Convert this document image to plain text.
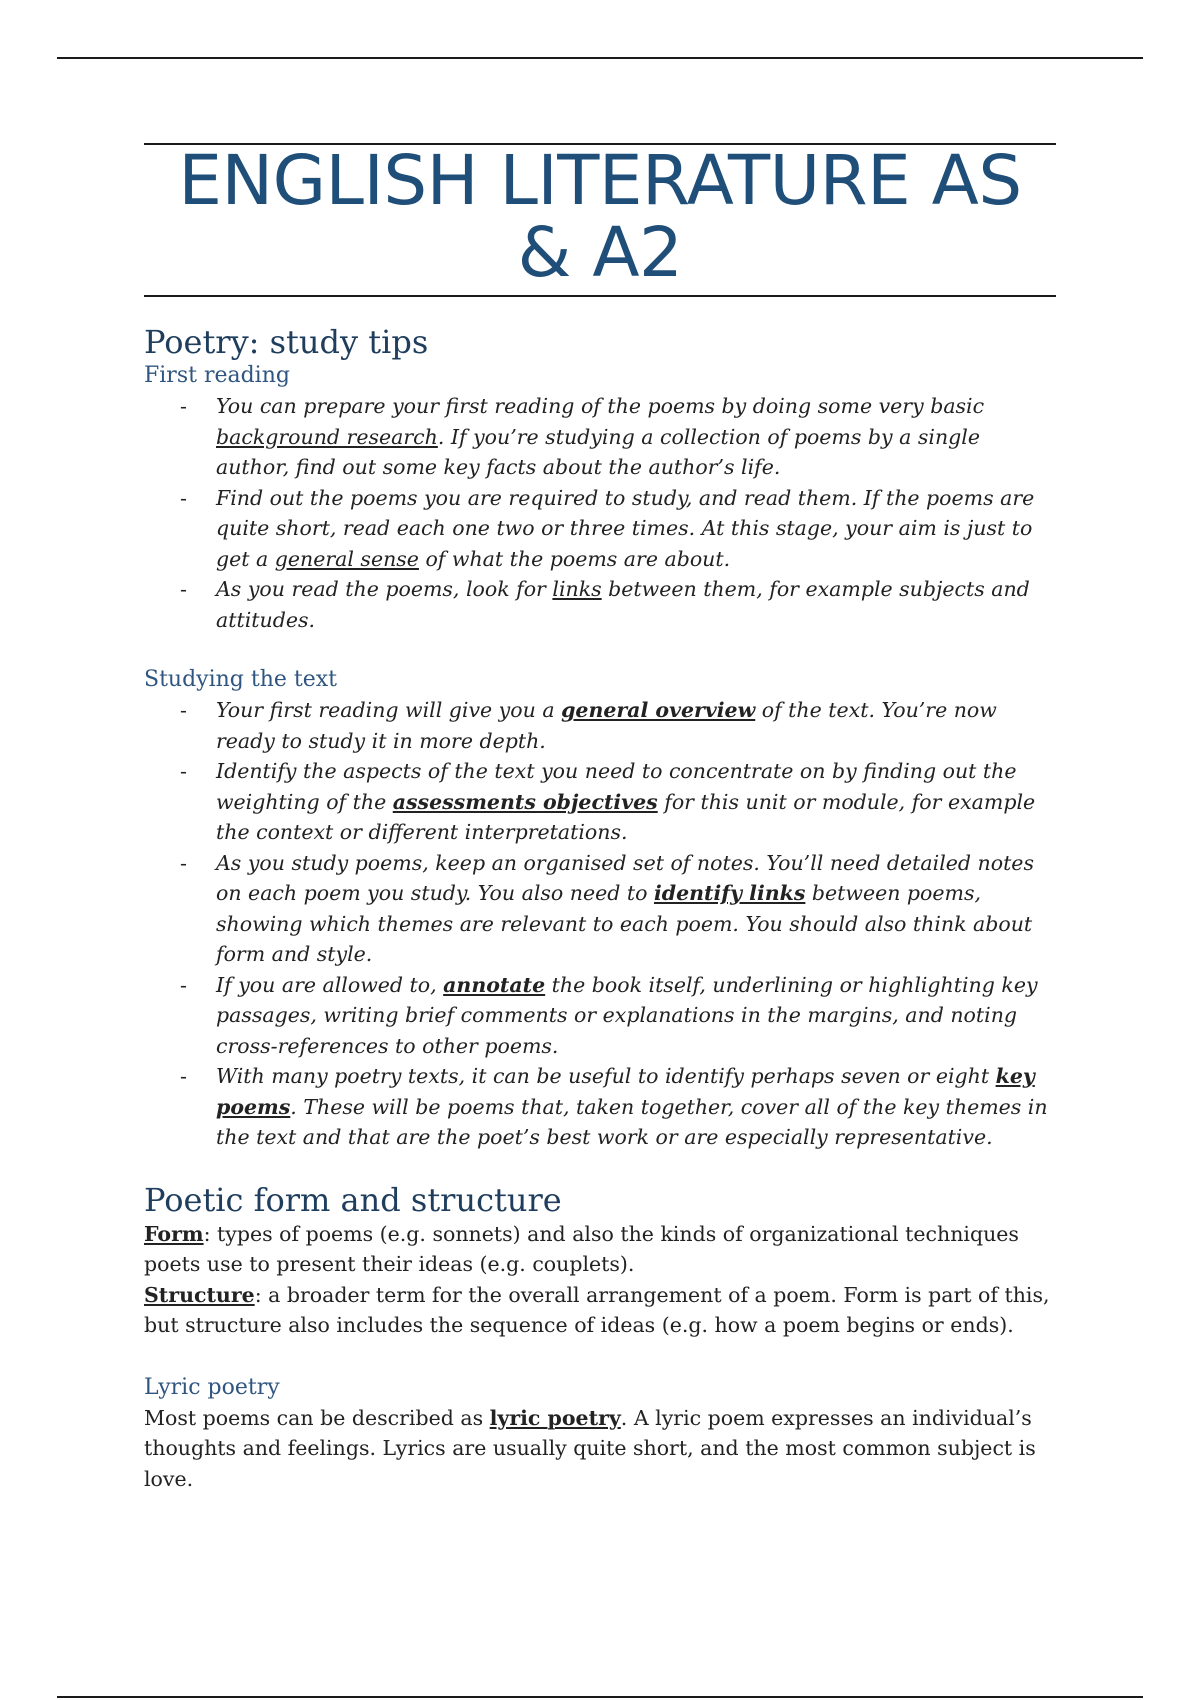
ENGLISH LITERATURE AS
& A2
Poetry: study tips
First reading
- You can prepare your first reading of the poems by doing some very basic background research. If you’re studying a collection of poems by a single author, find out some key facts about the author’s life.
- Find out the poems you are required to study, and read them. If the poems are quite short, read each one two or three times. At this stage, your aim is just to get a general sense of what the poems are about.
- As you read the poems, look for links between them, for example subjects and attitudes.
Studying the text
- Your first reading will give you a general overview of the text. You’re now ready to study it in more depth.
- Identify the aspects of the text you need to concentrate on by finding out the weighting of the assessments objectives for this unit or module, for example the context or different interpretations.
- As you study poems, keep an organised set of notes. You’ll need detailed notes on each poem you study. You also need to identify links between poems, showing which themes are relevant to each poem. You should also think about form and style.
- If you are allowed to, annotate the book itself, underlining or highlighting key passages, writing brief comments or explanations in the margins, and noting cross-references to other poems.
- With many poetry texts, it can be useful to identify perhaps seven or eight key poems. These will be poems that, taken together, cover all of the key themes in the text and that are the poet’s best work or are especially representative.
Poetic form and structure

Form: types of poems (e.g. sonnets) and also the kinds of organizational techniques poets use to present their ideas (e.g. couplets).

Structure: a broader term for the overall arrangement of a poem. Form is part of this, but structure also includes the sequence of ideas (e.g. how a poem begins or ends).

Lyric poetry

Most poems can be described as lyric poetry. A lyric poem expresses an individual’s thoughts and feelings. Lyrics are usually quite short, and the most common subject is love.
